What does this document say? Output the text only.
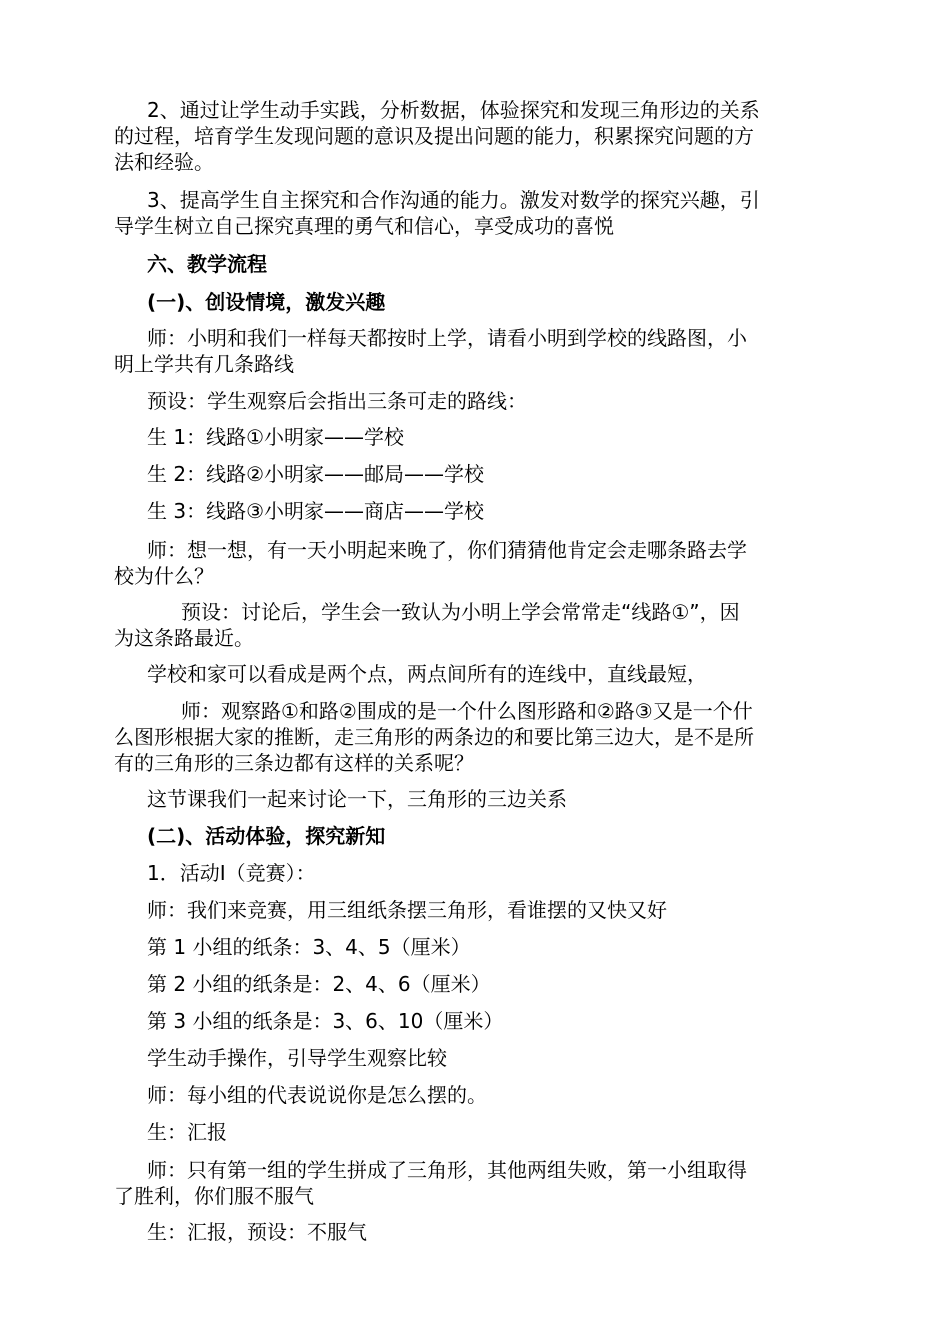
2、通过让学生动手实践，分析数据，体验探究和发现三角形边的关系

的过程，培育学生发现问题的意识及提出问题的能力，积累探究问题的方

法和经验。

3、提高学生自主探究和合作沟通的能力。激发对数学的探究兴趣，引

导学生树立自己探究真理的勇气和信心，享受成功的喜悦

六、教学流程

(一)、创设情境，激发兴趣

师：小明和我们一样每天都按时上学，请看小明到学校的线路图，小

明上学共有几条路线

预设：学生观察后会指出三条可走的路线：

生 1：线路①小明家——学校

生 2：线路②小明家——邮局——学校

生 3：线路③小明家——商店——学校

师：想一想，有一天小明起来晚了，你们猜猜他肯定会走哪条路去学

校为什么？

预设：讨论后，学生会一致认为小明上学会常常走“线路①”，因

为这条路最近。

学校和家可以看成是两个点，两点间所有的连线中，直线最短，

师：观察路①和路②围成的是一个什么图形路和②路③又是一个什

么图形根据大家的推断，走三角形的两条边的和要比第三边大，是不是所

有的三角形的三条边都有这样的关系呢？

这节课我们一起来讨论一下，三角形的三边关系

(二)、活动体验，探究新知

1．活动Ⅰ（竞赛）：

师：我们来竞赛，用三组纸条摆三角形，看谁摆的又快又好

第 1 小组的纸条：3、4、5（厘米）

第 2 小组的纸条是：2、4、6（厘米）

第 3 小组的纸条是：3、6、10（厘米）

学生动手操作，引导学生观察比较

师：每小组的代表说说你是怎么摆的。

生：汇报

师：只有第一组的学生拼成了三角形，其他两组失败，第一小组取得

了胜利，你们服不服气

生：汇报，预设：不服气
